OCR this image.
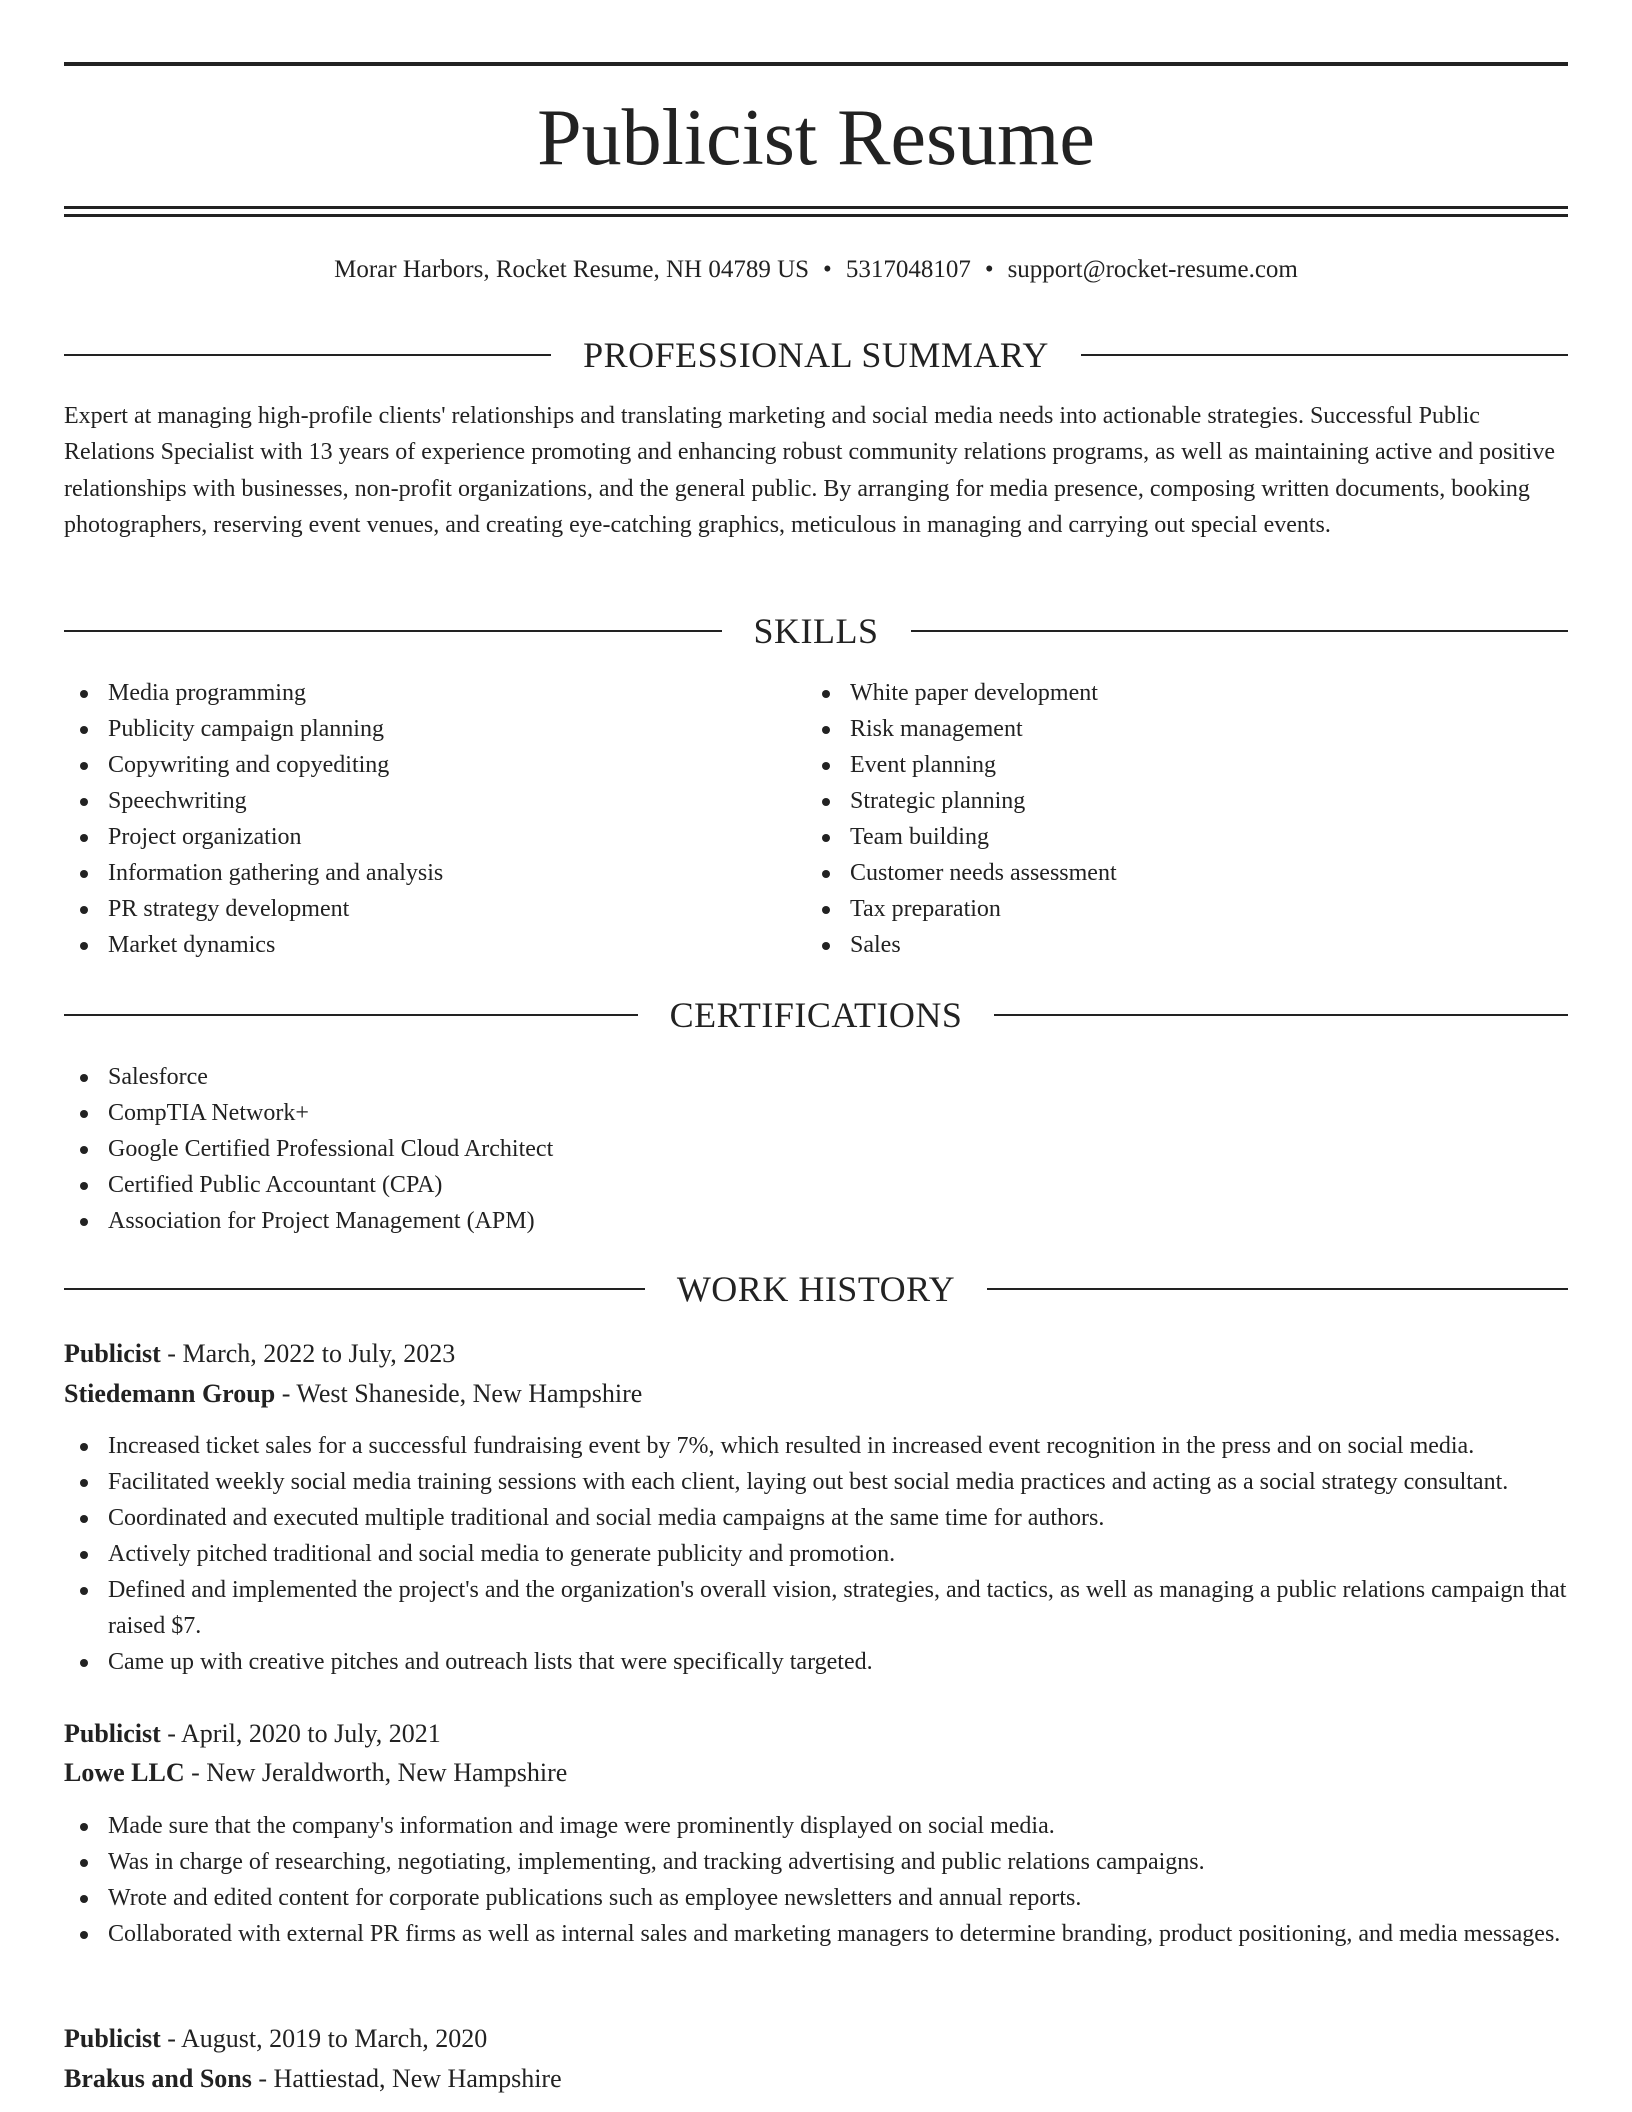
Publicist Resume
Morar Harbors, Rocket Resume, NH 04789 US • 5317048107 • support@rocket-resume.com
PROFESSIONAL SUMMARY

Expert at managing high-profile clients' relationships and translating marketing and social media needs into actionable strategies. Successful Public Relations Specialist with 13 years of experience promoting and enhancing robust community relations programs, as well as maintaining active and positive relationships with businesses, non-profit organizations, and the general public. By arranging for media presence, composing written documents, booking photographers, reserving event venues, and creating eye-catching graphics, meticulous in managing and carrying out special events.

SKILLS
Media programming
Publicity campaign planning
Copywriting and copyediting
Speechwriting
Project organization
Information gathering and analysis
PR strategy development
Market dynamics
White paper development
Risk management
Event planning
Strategic planning
Team building
Customer needs assessment
Tax preparation
Sales
CERTIFICATIONS
Salesforce
CompTIA Network+
Google Certified Professional Cloud Architect
Certified Public Accountant (CPA)
Association for Project Management (APM)
WORK HISTORY
Publicist - March, 2022 to July, 2023
Stiedemann Group - West Shaneside, New Hampshire
Increased ticket sales for a successful fundraising event by 7%, which resulted in increased event recognition in the press and on social media.
Facilitated weekly social media training sessions with each client, laying out best social media practices and acting as a social strategy consultant.
Coordinated and executed multiple traditional and social media campaigns at the same time for authors.
Actively pitched traditional and social media to generate publicity and promotion.
Defined and implemented the project's and the organization's overall vision, strategies, and tactics, as well as managing a public relations campaign that raised $7.
Came up with creative pitches and outreach lists that were specifically targeted.
Publicist - April, 2020 to July, 2021
Lowe LLC - New Jeraldworth, New Hampshire
Made sure that the company's information and image were prominently displayed on social media.
Was in charge of researching, negotiating, implementing, and tracking advertising and public relations campaigns.
Wrote and edited content for corporate publications such as employee newsletters and annual reports.
Collaborated with external PR firms as well as internal sales and marketing managers to determine branding, product positioning, and media messages.
Publicist - August, 2019 to March, 2020
Brakus and Sons - Hattiestad, New Hampshire
